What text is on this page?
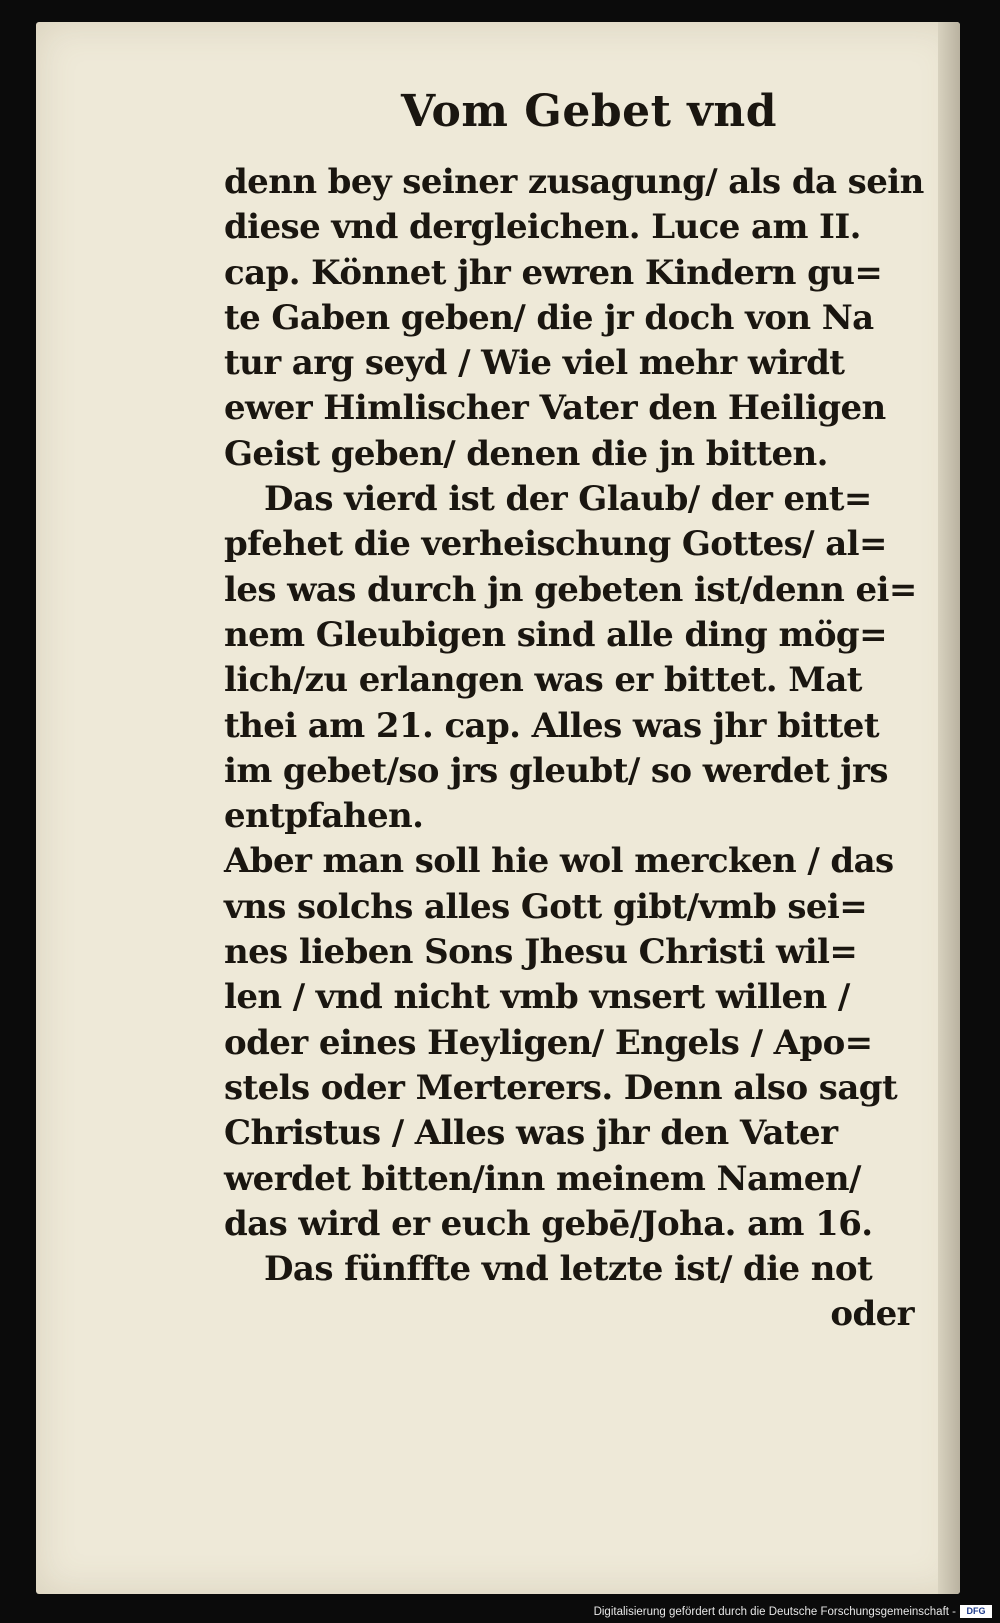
Vom Gebet vnd
denn bey seiner zusagung/ als da sein
diese vnd dergleichen. Luce am II.
cap. Könnet jhr ewren Kindern gu=
te Gaben geben/ die jr doch von Na
tur arg seyd / Wie viel mehr wirdt
ewer Himlischer Vater den Heiligen
Geist geben/ denen die jn bitten.
Das vierd ist der Glaub/ der ent=
pfehet die verheischung Gottes/ al=
les was durch jn gebeten ist/denn ei=
nem Gleubigen sind alle ding mög=
lich/zu erlangen was er bittet. Mat
thei am 21. cap. Alles was jhr bittet
im gebet/so jrs gleubt/ so werdet jrs
entpfahen.
Aber man soll hie wol mercken / das
vns solchs alles Gott gibt/vmb sei=
nes lieben Sons Jhesu Christi wil=
len / vnd nicht vmb vnsert willen /
oder eines Heyligen/ Engels / Apo=
stels oder Merterers. Denn also sagt
Christus / Alles was jhr den Vater
werdet bitten/inn meinem Namen/
das wird er euch gebē/Joha. am 16.
Das fünffte vnd letzte ist/ die not
oder
Digitalisierung gefördert durch die Deutsche Forschungsgemeinschaft -	DFG
